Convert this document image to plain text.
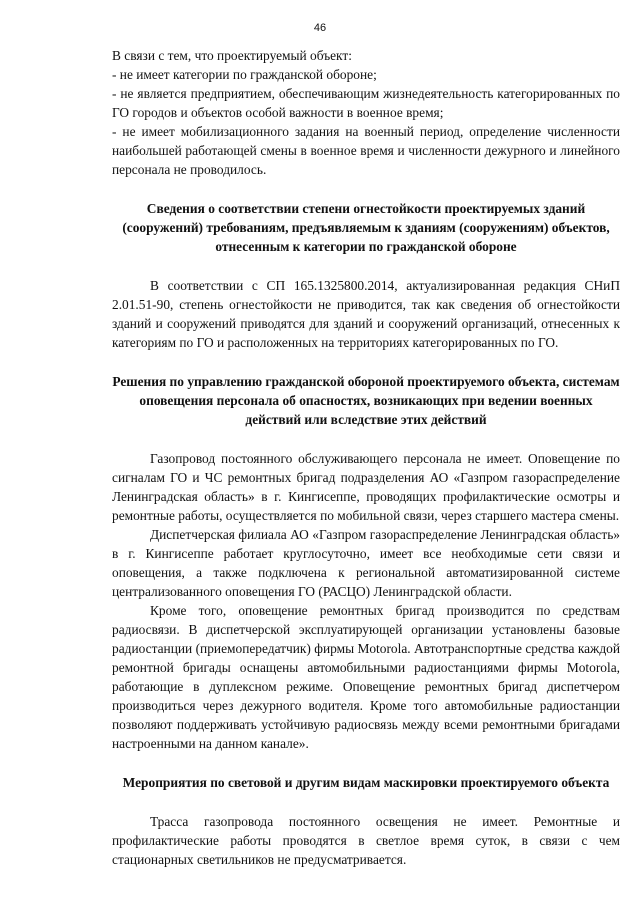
46

В связи с тем, что проектируемый объект:

- не имеет категории по гражданской обороне;

- не является предприятием, обеспечивающим жизнедеятельность категорированных по ГО городов и объектов особой важности в военное время;

- не имеет мобилизационного задания на военный период, определение численности наибольшей работающей смены в военное время и численности дежурного и линейного персонала не проводилось.

Сведения о соответствии степени огнестойкости проектируемых зданий (сооружений) требованиям, предъявляемым к зданиям (сооружениям) объектов, отнесенным к категории по гражданской обороне

В соответствии с СП 165.1325800.2014, актуализированная редакция СНиП 2.01.51-90, степень огнестойкости не приводится, так как сведения об огнестойкости зданий и сооружений приводятся для зданий и сооружений организаций, отнесенных к категориям по ГО и расположенных на территориях категорированных по ГО.

Решения по управлению гражданской обороной проектируемого объекта, системам оповещения персонала об опасностях, возникающих при ведении военных действий или вследствие этих действий

Газопровод постоянного обслуживающего персонала не имеет. Оповещение по сигналам ГО и ЧС ремонтных бригад подразделения АО «Газпром газораспределение Ленинградская область» в г. Кингисеппе, проводящих профилактические осмотры и ремонтные работы, осуществляется по мобильной связи, через старшего мастера смены.

Диспетчерская филиала АО «Газпром газораспределение Ленинградская область» в г. Кингисеппе работает круглосуточно, имеет все необходимые сети связи и оповещения, а также подключена к региональной автоматизированной системе централизованного оповещения ГО (РАСЦО) Ленинградской области.

Кроме того, оповещение ремонтных бригад производится по средствам радиосвязи. В диспетчерской эксплуатирующей организации установлены базовые радиостанции (приемопередатчик) фирмы Motorola. Автотранспортные средства каждой ремонтной бригады оснащены автомобильными радиостанциями фирмы Motorola, работающие в дуплексном режиме. Оповещение ремонтных бригад диспетчером производиться через дежурного водителя. Кроме того автомобильные радиостанции позволяют поддерживать устойчивую радиосвязь между всеми ремонтными бригадами настроенными на данном канале».

Мероприятия по световой и другим видам маскировки проектируемого объекта

Трасса газопровода постоянного освещения не имеет. Ремонтные и профилактические работы проводятся в светлое время суток, в связи с чем стационарных светильников не предусматривается.
